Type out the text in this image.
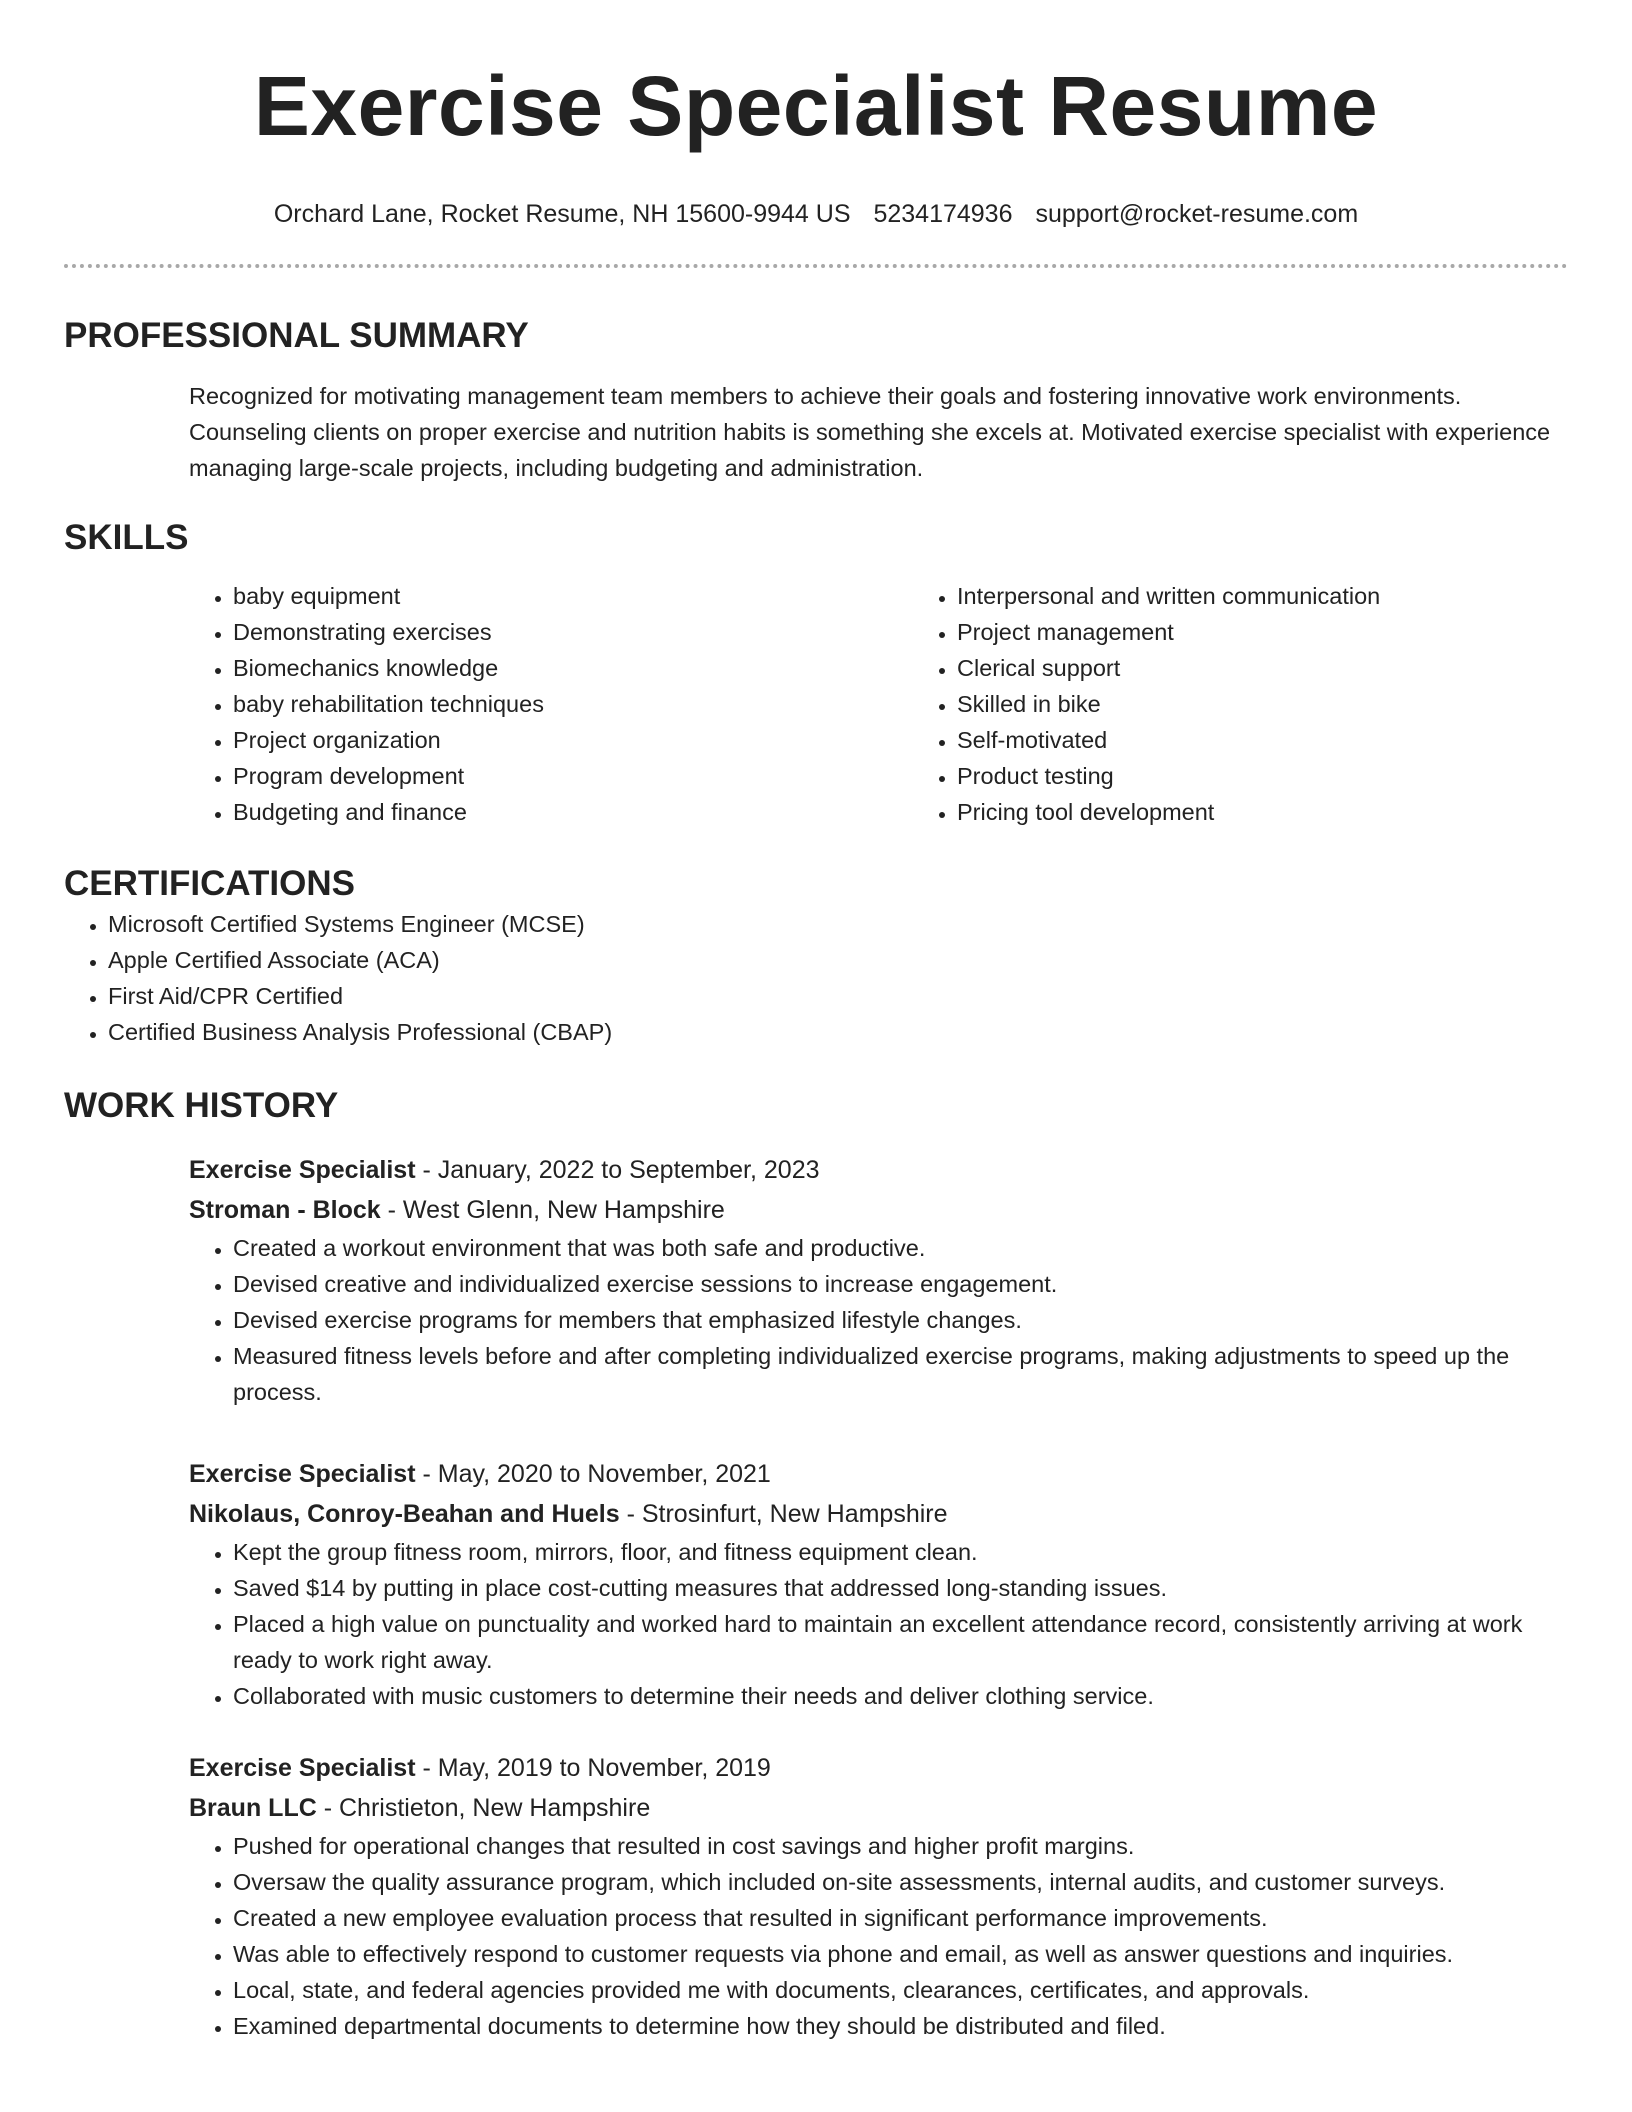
Exercise Specialist Resume
Orchard Lane, Rocket Resume, NH 15600-9944 US 5234174936 support@rocket-resume.com
PROFESSIONAL SUMMARY

Recognized for motivating management team members to achieve their goals and fostering innovative work environments. Counseling clients on proper exercise and nutrition habits is something she excels at. Motivated exercise specialist with experience managing large-scale projects, including budgeting and administration.

SKILLS
• baby equipment
• Demonstrating exercises
• Biomechanics knowledge
• baby rehabilitation techniques
• Project organization
• Program development
• Budgeting and finance
• Interpersonal and written communication
• Project management
• Clerical support
• Skilled in bike
• Self-motivated
• Product testing
• Pricing tool development
CERTIFICATIONS
• Microsoft Certified Systems Engineer (MCSE)
• Apple Certified Associate (ACA)
• First Aid/CPR Certified
• Certified Business Analysis Professional (CBAP)
WORK HISTORY
Exercise Specialist - January, 2022 to September, 2023
Stroman - Block - West Glenn, New Hampshire
• Created a workout environment that was both safe and productive.
• Devised creative and individualized exercise sessions to increase engagement.
• Devised exercise programs for members that emphasized lifestyle changes.
• Measured fitness levels before and after completing individualized exercise programs, making adjustments to speed up the process.
Exercise Specialist - May, 2020 to November, 2021
Nikolaus, Conroy-Beahan and Huels - Strosinfurt, New Hampshire
• Kept the group fitness room, mirrors, floor, and fitness equipment clean.
• Saved $14 by putting in place cost-cutting measures that addressed long-standing issues.
• Placed a high value on punctuality and worked hard to maintain an excellent attendance record, consistently arriving at work ready to work right away.
• Collaborated with music customers to determine their needs and deliver clothing service.
Exercise Specialist - May, 2019 to November, 2019
Braun LLC - Christieton, New Hampshire
• Pushed for operational changes that resulted in cost savings and higher profit margins.
• Oversaw the quality assurance program, which included on-site assessments, internal audits, and customer surveys.
• Created a new employee evaluation process that resulted in significant performance improvements.
• Was able to effectively respond to customer requests via phone and email, as well as answer questions and inquiries.
• Local, state, and federal agencies provided me with documents, clearances, certificates, and approvals.
• Examined departmental documents to determine how they should be distributed and filed.
